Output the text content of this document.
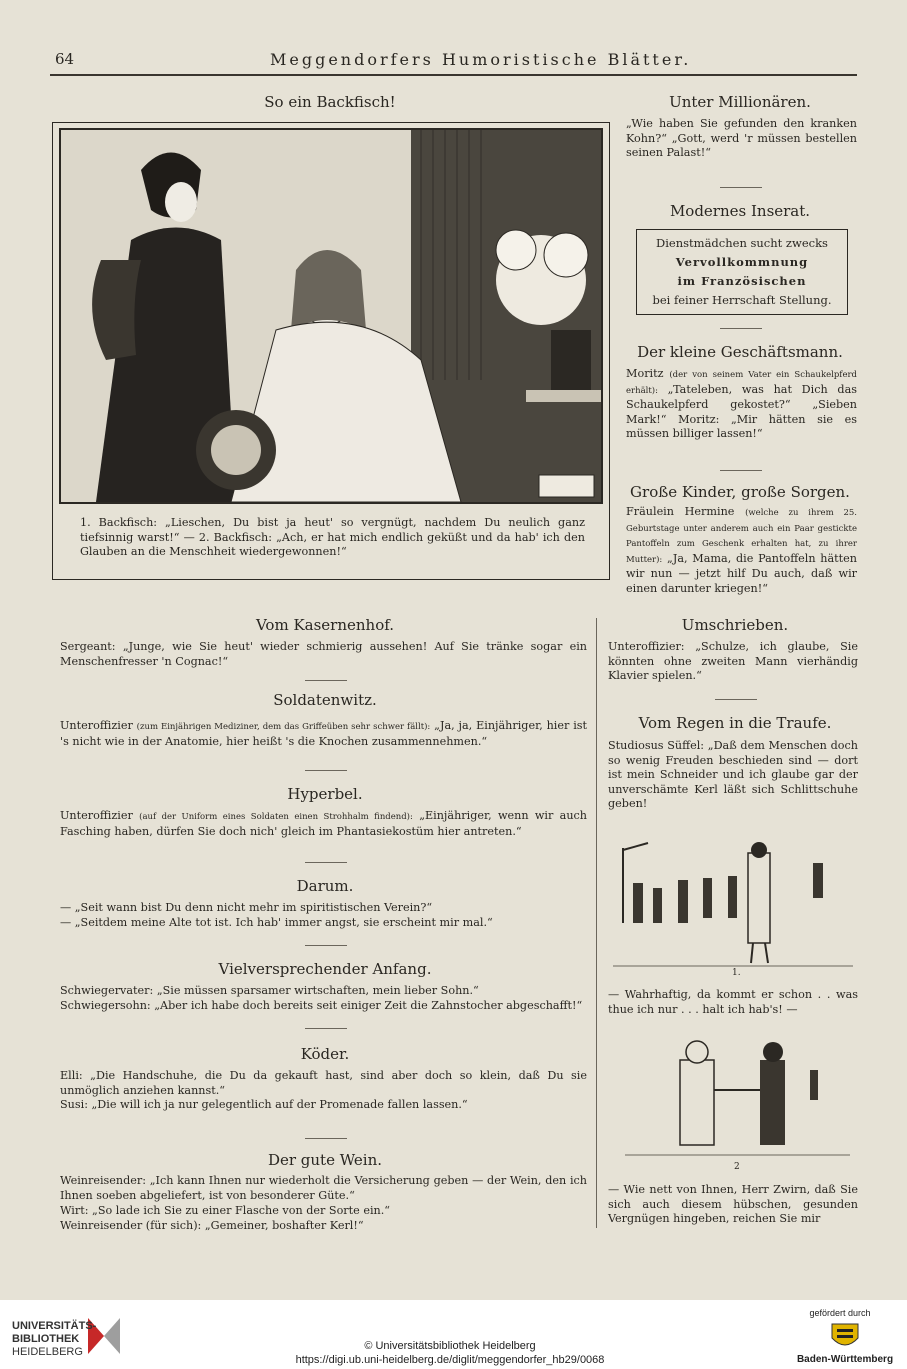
64	Meggendorfers Humoristische Blätter.
So ein Backfisch!

1. Backfisch: „Lieschen, Du bist ja heut' so vergnügt, nachdem Du neulich ganz tiefsinnig warst!“ — 2. Backfisch: „Ach, er hat mich endlich geküßt und da hab' ich den Glauben an die Menschheit wiedergewonnen!“

Unter Millionären.

„Wie haben Sie gefunden den kranken Kohn?“ „Gott, werd 'r müssen bestellen seinen Palast!“

Modernes Inserat.
Dienstmädchen sucht zwecks
Vervollkommnung
im Französischen
bei feiner Herrschaft Stellung.
Der kleine Geschäftsmann.

Moritz (der von seinem Vater ein Schaukelpferd erhält): „Tateleben, was hat Dich das Schaukelpferd gekostet?“ „Sieben Mark!“ Moritz: „Mir hätten sie es müssen billiger lassen!“

Große Kinder, große Sorgen.

Fräulein Hermine (welche zu ihrem 25. Geburtstage unter anderem auch ein Paar gestickte Pantoffeln zum Geschenk erhalten hat, zu ihrer Mutter): „Ja, Mama, die Pantoffeln hätten wir nun — jetzt hilf Du auch, daß wir einen darunter kriegen!“

Vom Kasernenhof.

Sergeant: „Junge, wie Sie heut' wieder schmierig aussehen! Auf Sie tränke sogar ein Menschenfresser 'n Cognac!“

Soldatenwitz.

Unteroffizier (zum Einjährigen Mediziner, dem das Griffeüben sehr schwer fällt): „Ja, ja, Einjähriger, hier ist 's nicht wie in der Anatomie, hier heißt 's die Knochen zusammennehmen.“

Hyperbel.

Unteroffizier (auf der Uniform eines Soldaten einen Strohhalm findend): „Einjähriger, wenn wir auch Fasching haben, dürfen Sie doch nich' gleich im Phantasiekostüm hier antreten.“

Darum.

— „Seit wann bist Du denn nicht mehr im spiritistischen Verein?“

— „Seitdem meine Alte tot ist. Ich hab' immer angst, sie erscheint mir mal.“

Vielversprechender Anfang.

Schwiegervater: „Sie müssen sparsamer wirtschaften, mein lieber Sohn.“

Schwiegersohn: „Aber ich habe doch bereits seit einiger Zeit die Zahnstocher abgeschafft!“

Köder.

Elli: „Die Handschuhe, die Du da gekauft hast, sind aber doch so klein, daß Du sie unmöglich anziehen kannst.“

Susi: „Die will ich ja nur gelegentlich auf der Promenade fallen lassen.“

Der gute Wein.

Weinreisender: „Ich kann Ihnen nur wiederholt die Versicherung geben — der Wein, den ich Ihnen soeben abgeliefert, ist von besonderer Güte.“

Wirt: „So lade ich Sie zu einer Flasche von der Sorte ein.“

Weinreisender (für sich): „Gemeiner, boshafter Kerl!“

Umschrieben.

Unteroffizier: „Schulze, ich glaube, Sie könnten ohne zweiten Mann vierhändig Klavier spielen.“

Vom Regen in die Traufe.

Studiosus Süffel: „Daß dem Menschen doch so wenig Freuden beschieden sind — dort ist mein Schneider und ich glaube gar der unverschämte Kerl läßt sich Schlittschuhe geben!

1.

— Wahrhaftig, da kommt er schon . . was thue ich nur . . . halt ich hab's! —

2

— Wie nett von Ihnen, Herr Zwirn, daß Sie sich auch diesem hübschen, gesunden Vergnügen hingeben, reichen Sie mir

UNIVERSITÄTS-
BIBLIOTHEK
HEIDELBERG	© Universitätsbibliothek Heidelberg
https://digi.ub.uni-heidelberg.de/diglit/meggendorfer_hb29/0068
gefördert durch
Baden-Württemberg
